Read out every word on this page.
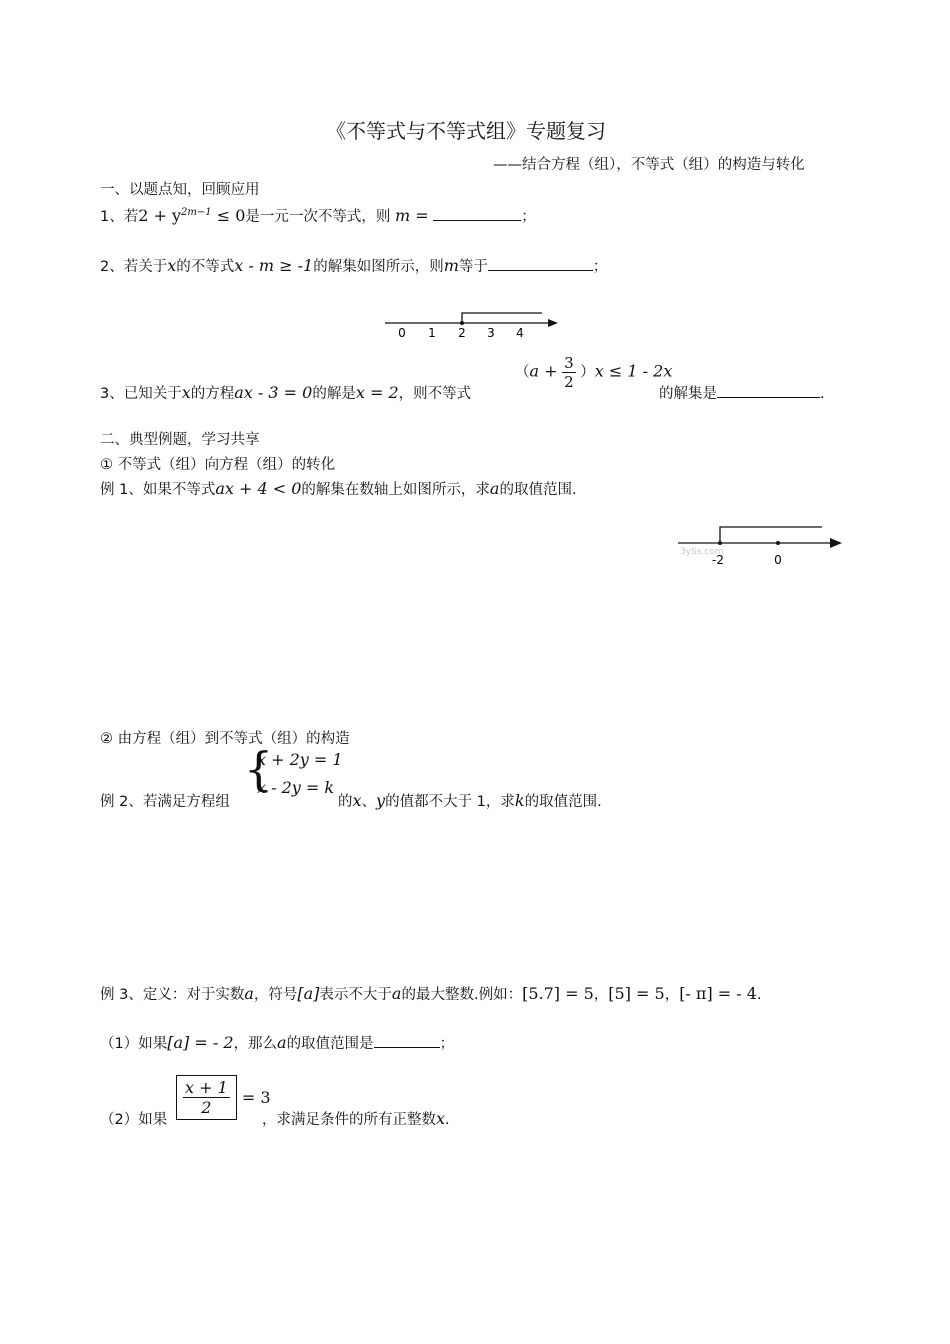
《不等式与不等式组》专题复习
——结合方程（组），不等式（组）的构造与转化
一、以题点知，回顾应用
1、若$2 + y^{2m-1} \le 0$是一元一次不等式，则 m =	；
2、若关于x的不等式x - m ≥ -1的解集如图所示，则m等于	；
0 1 2 3 4
3、已知关于x的方程ax - 3 = 0的解是x = 2，则不等式
$(a + \frac{3}{2} )x \le 1 - 2x$
的解集是	.
二、典型例题，学习共享
① 不等式（组）向方程（组）的转化
例 1、如果不等式ax + 4 < 0的解集在数轴上如图所示，求a的取值范围.
3ySs.com
-2	0
② 由方程（组）到不等式（组）的构造
例 2、若满足方程组
{
x + 2y = 1
x - 2y = k
的x、y的值都不大于 1，求k的取值范围.
例 3、定义：对于实数a，符号[a]表示不大于a的最大整数.例如：[5.7] = 5，[5] = 5，[- π] = - 4.
（1）如果[a] = - 2，那么a的取值范围是	；
（2）如果
$\frac{x + 1}{2} = 3$
，求满足条件的所有正整数x.
